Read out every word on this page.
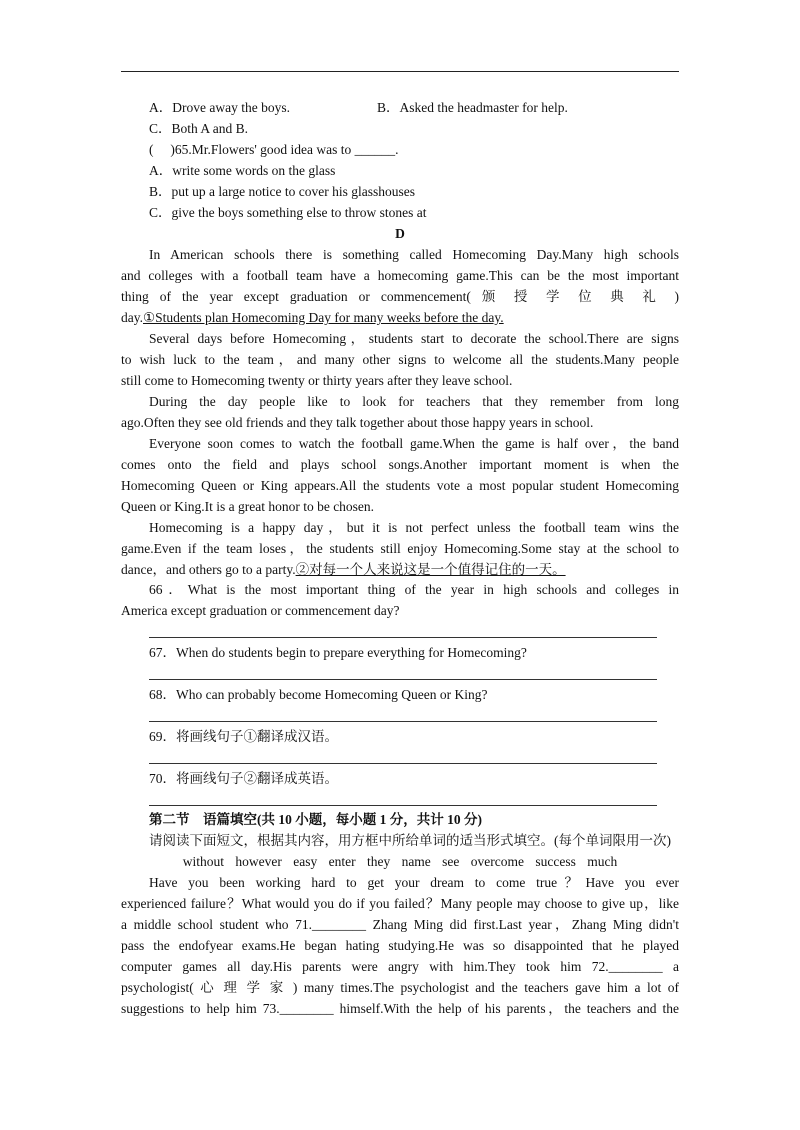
A．Drove away the boys.	B．Asked the headmaster for help.
C．Both A and B.
(　 )65.Mr.Flowers' good idea was to ______.
A．write some words on the glass
B．put up a large notice to cover his glasshouses
C．give the boys something else to throw stones at
D
In American schools there is something called Homecoming Day.Many high schools
and colleges with a football team have a homecoming game.This can be the most important
thing of the year except graduation or commencement( 颁 授 学 位 典 礼 )
day.①Students plan Homecoming Day for many weeks before the day.
Several days before Homecoming，students start to decorate the school.There are signs
to wish luck to the team，and many other signs to welcome all the students.Many people
still come to Homecoming twenty or thirty years after they leave school.
During the day people like to look for teachers that they remember from long
ago.Often they see old friends and they talk together about those happy years in school.
Everyone soon comes to watch the football game.When the game is half over，the band
comes onto the field and plays school songs.Another important moment is when the
Homecoming Queen or King appears.All the students vote a most popular student Homecoming
Queen or King.It is a great honor to be chosen.
Homecoming is a happy day，but it is not perfect unless the football team wins the
game.Even if the team loses，the students still enjoy Homecoming.Some stay at the school to
dance，and others go to a party.②对每一个人来说这是一个值得记住的一天。
66．What is the most important thing of the year in high schools and colleges in
America except graduation or commencement day?
67．When do students begin to prepare everything for Homecoming?
68．Who can probably become Homecoming Queen or King?
69．将画线句子①翻译成汉语。
70．将画线句子②翻译成英语。
第二节　语篇填空(共 10 小题，每小题 1 分，共计 10 分)
请阅读下面短文，根据其内容，用方框中所给单词的适当形式填空。(每个单词限用一次)
without however easy enter they name see overcome success much
Have you been working hard to get your dream to come true？Have you ever
experienced failure？What would you do if you failed？Many people may choose to give up，like
a middle school student who 71.________ Zhang Ming did first.Last year，Zhang Ming didn't
pass the endofyear exams.He began hating studying.He was so disappointed that he played
computer games all day.His parents were angry with him.They took him 72.________ a
psychologist( 心 理 学 家 ) many times.The psychologist and the teachers gave him a lot of
suggestions to help him 73.________ himself.With the help of his parents，the teachers and the
